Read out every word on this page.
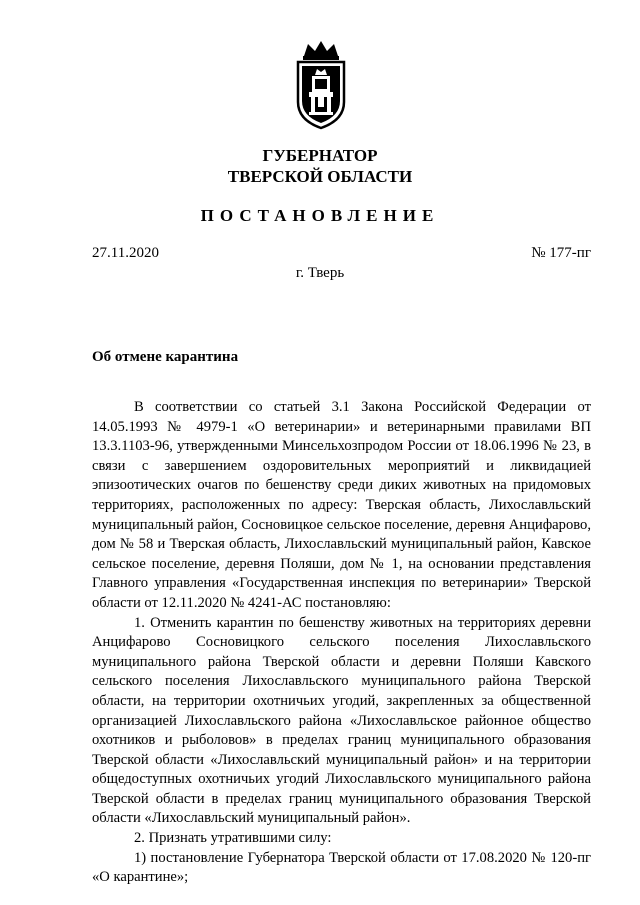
ГУБЕРНАТОР
ТВЕРСКОЙ ОБЛАСТИ
ПОСТАНОВЛЕНИЕ
27.11.2020	№ 177-пг
г. Тверь
Об отмене карантина

В соответствии со статьей 3.1 Закона Российской Федерации от 14.05.1993 № 4979-1 «О ветеринарии» и ветеринарными правилами ВП 13.3.1103-96, утвержденными Минсельхозпродом России от 18.06.1996 № 23, в связи с завершением оздоровительных мероприятий и ликвидацией эпизоотических очагов по бешенству среди диких животных на придомовых территориях, расположенных по адресу: Тверская область, Лихославльский муниципальный район, Сосновицкое сельское поселение, деревня Анцифарово, дом № 58 и Тверская область, Лихославльский муниципальный район, Кавское сельское поселение, деревня Поляши, дом № 1, на основании представления Главного управления «Государственная инспекция по ветеринарии» Тверской области от 12.11.2020 № 4241-АС постановляю:

1. Отменить карантин по бешенству животных на территориях деревни Анцифарово Сосновицкого сельского поселения Лихославльского муниципального района Тверской области и деревни Поляши Кавского сельского поселения Лихославльского муниципального района Тверской области, на территории охотничьих угодий, закрепленных за общественной организацией Лихославльского района «Лихославльское районное общество охотников и рыболовов» в пределах границ муниципального образования Тверской области «Лихославльский муниципальный район» и на территории общедоступных охотничьих угодий Лихославльского муниципального района Тверской области в пределах границ муниципального образования Тверской области «Лихославльский муниципальный район».

2. Признать утратившими силу:

1) постановление Губернатора Тверской области от 17.08.2020 № 120-пг «О карантине»;
